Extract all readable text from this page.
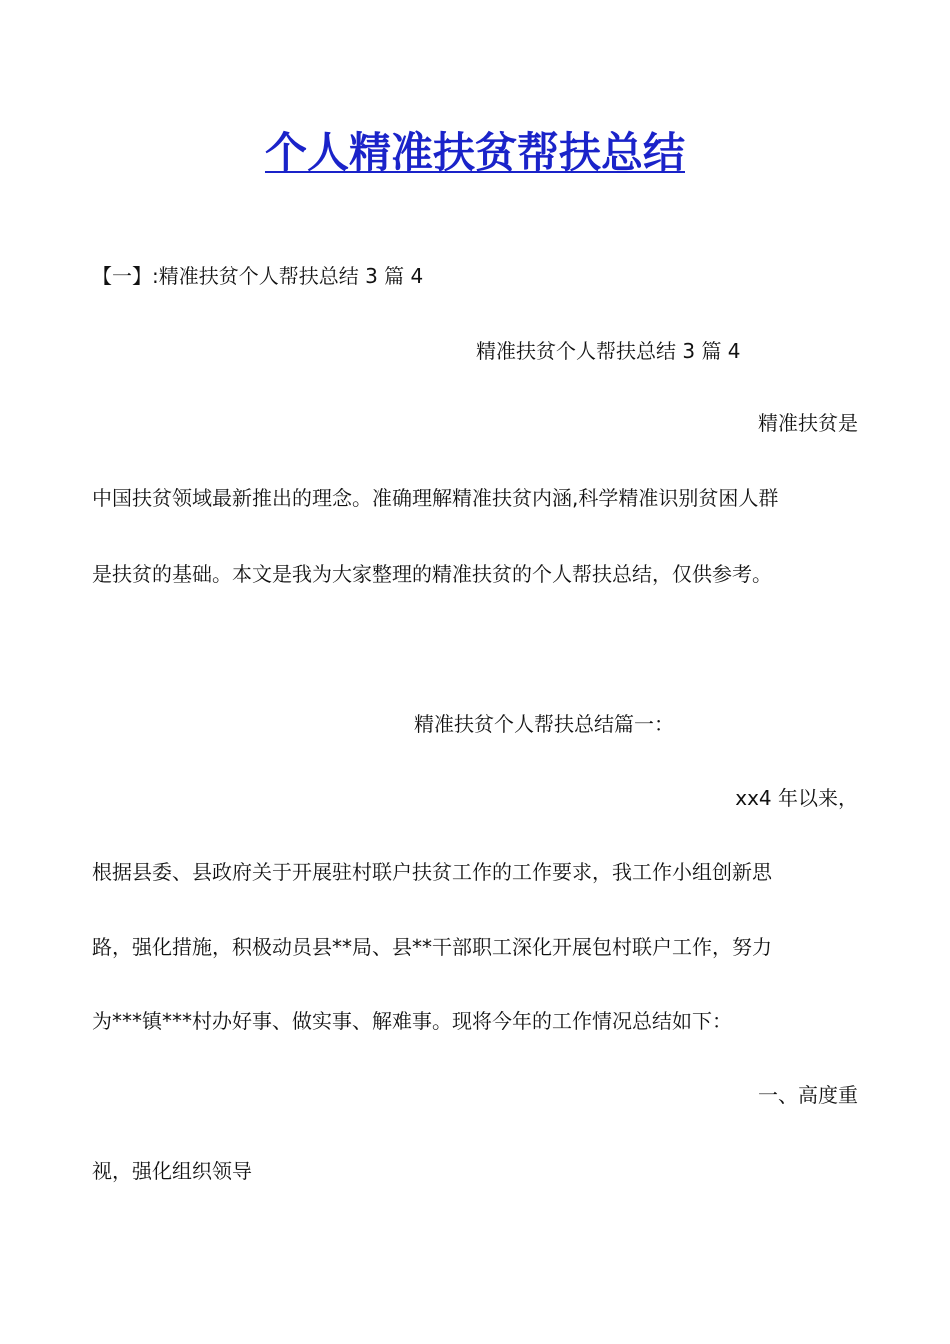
个人精准扶贫帮扶总结
【一】:精准扶贫个人帮扶总结 3 篇 4
精准扶贫个人帮扶总结 3 篇 4
精准扶贫是
中国扶贫领域最新推出的理念。准确理解精准扶贫内涵,科学精准识别贫困人群
是扶贫的基础。本文是我为大家整理的精准扶贫的个人帮扶总结，仅供参考。
精准扶贫个人帮扶总结篇一：
xx4 年以来，
根据县委、县政府关于开展驻村联户扶贫工作的工作要求，我工作小组创新思
路，强化措施，积极动员县**局、县**干部职工深化开展包村联户工作，努力
为***镇***村办好事、做实事、解难事。现将今年的工作情况总结如下：
一、高度重
视，强化组织领导
